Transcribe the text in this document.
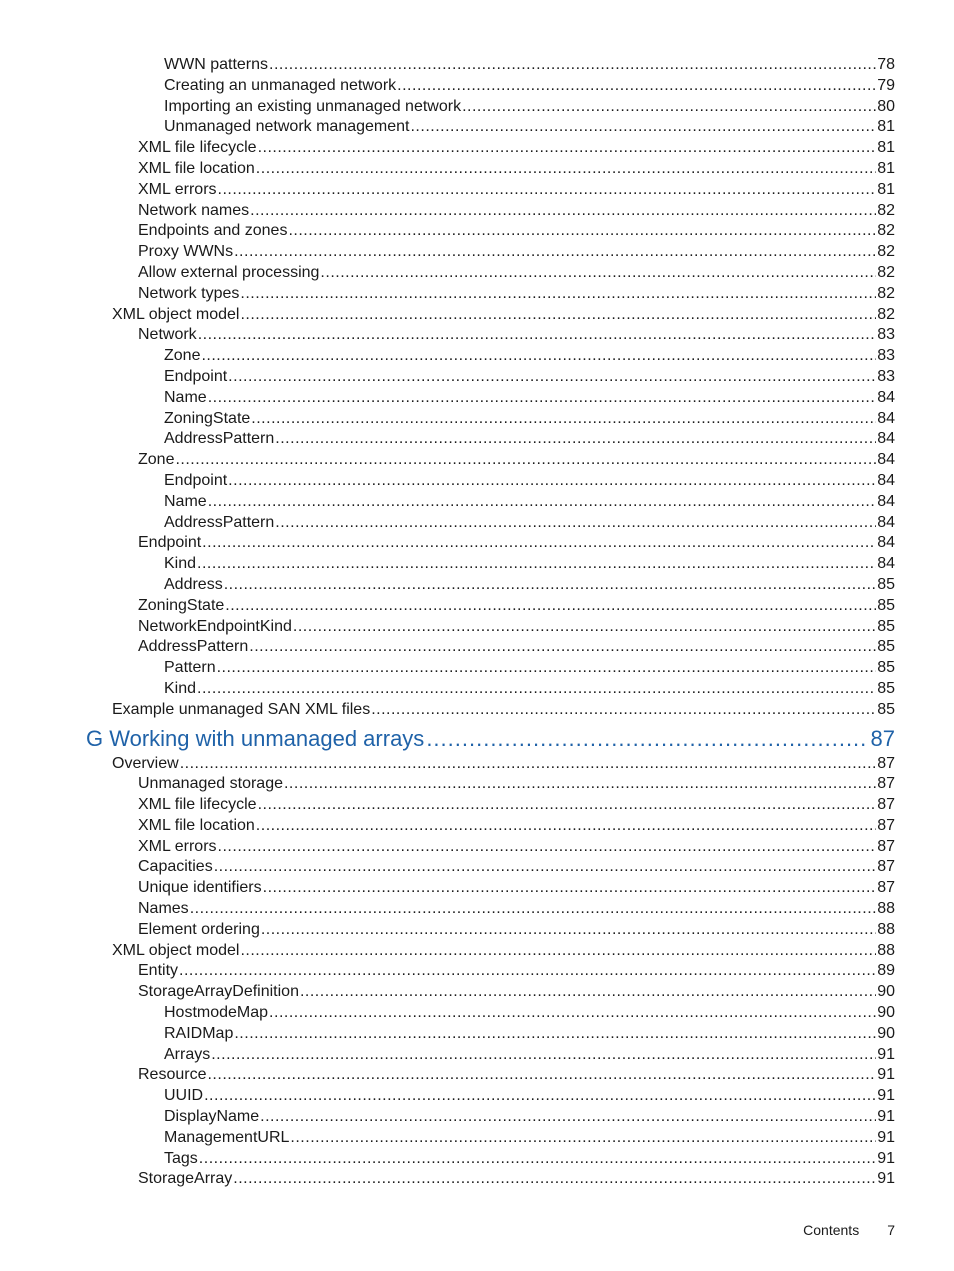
WWN patterns .....	78
Creating an unmanaged network .....	79
Importing an existing unmanaged network .....	80
Unmanaged network management .....	81
XML file lifecycle .....	81
XML file location .....	81
XML errors .....	81
Network names .....	82
Endpoints and zones .....	82
Proxy WWNs .....	82
Allow external processing .....	82
Network types .....	82
XML object model .....	82
Network .....	83
Zone .....	83
Endpoint .....	83
Name .....	84
ZoningState .....	84
AddressPattern .....	84
Zone .....	84
Endpoint .....	84
Name .....	84
AddressPattern .....	84
Endpoint .....	84
Kind .....	84
Address .....	85
ZoningState .....	85
NetworkEndpointKind .....	85
AddressPattern .....	85
Pattern .....	85
Kind .....	85
Example unmanaged SAN XML files .....	85
G Working with unmanaged arrays .....	87
Overview .....	87
Unmanaged storage .....	87
XML file lifecycle .....	87
XML file location .....	87
XML errors .....	87
Capacities .....	87
Unique identifiers .....	87
Names .....	88
Element ordering .....	88
XML object model .....	88
Entity .....	89
StorageArrayDefinition .....	90
HostmodeMap .....	90
RAIDMap .....	90
Arrays .....	91
Resource .....	91
UUID .....	91
DisplayName .....	91
ManagementURL .....	91
Tags .....	91
StorageArray .....	91
Contents 7
